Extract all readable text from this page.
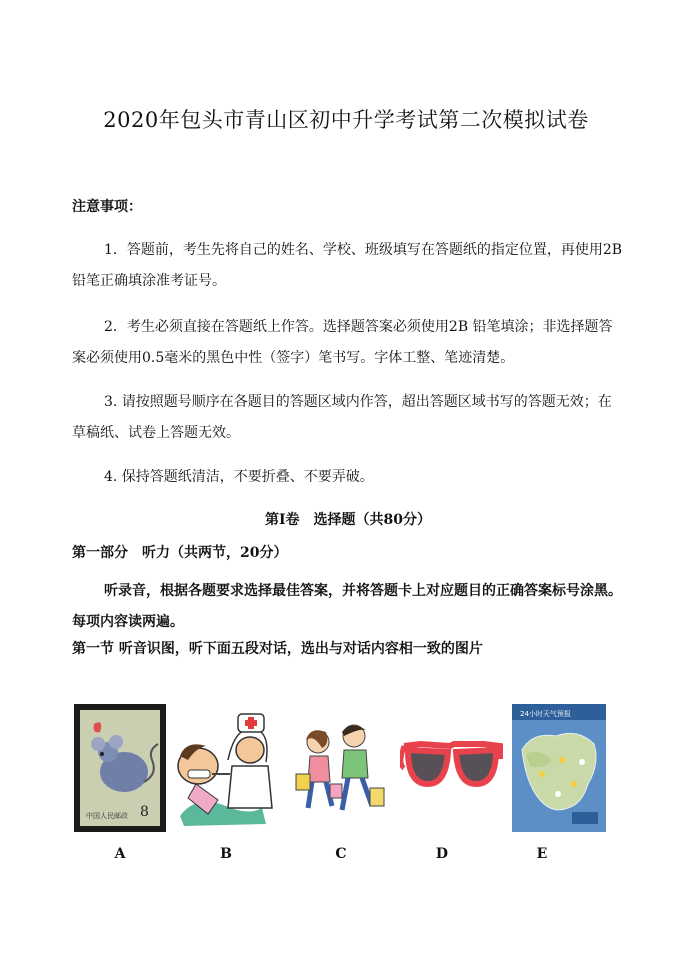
2020年包头市青山区初中升学考试第二次模拟试卷
注意事项：
1．答题前，考生先将自己的姓名、学校、班级填写在答题纸的指定位置，再使用2B铅笔正确填涂准考证号。
2．考生必须直接在答题纸上作答。选择题答案必须使用2B 铅笔填涂；非选择题答案必须使用0.5毫米的黑色中性（签字）笔书写。字体工整、笔迹清楚。
3. 请按照题号顺序在各题目的答题区域内作答，超出答题区域书写的答题无效；在草稿纸、试卷上答题无效。
4. 保持答题纸清洁，不要折叠、不要弄破。
第Ⅰ卷　选择题（共80分）
第一部分　听力（共两节，20分）
听录音，根据各题要求选择最佳答案，并将答题卡上对应题目的正确答案标号涂黑。每项内容读两遍。
第一节 听音识图，听下面五段对话，选出与对话内容相一致的图片
中国人民邮政 8
24小时天气预报
A	B	C	D	E
